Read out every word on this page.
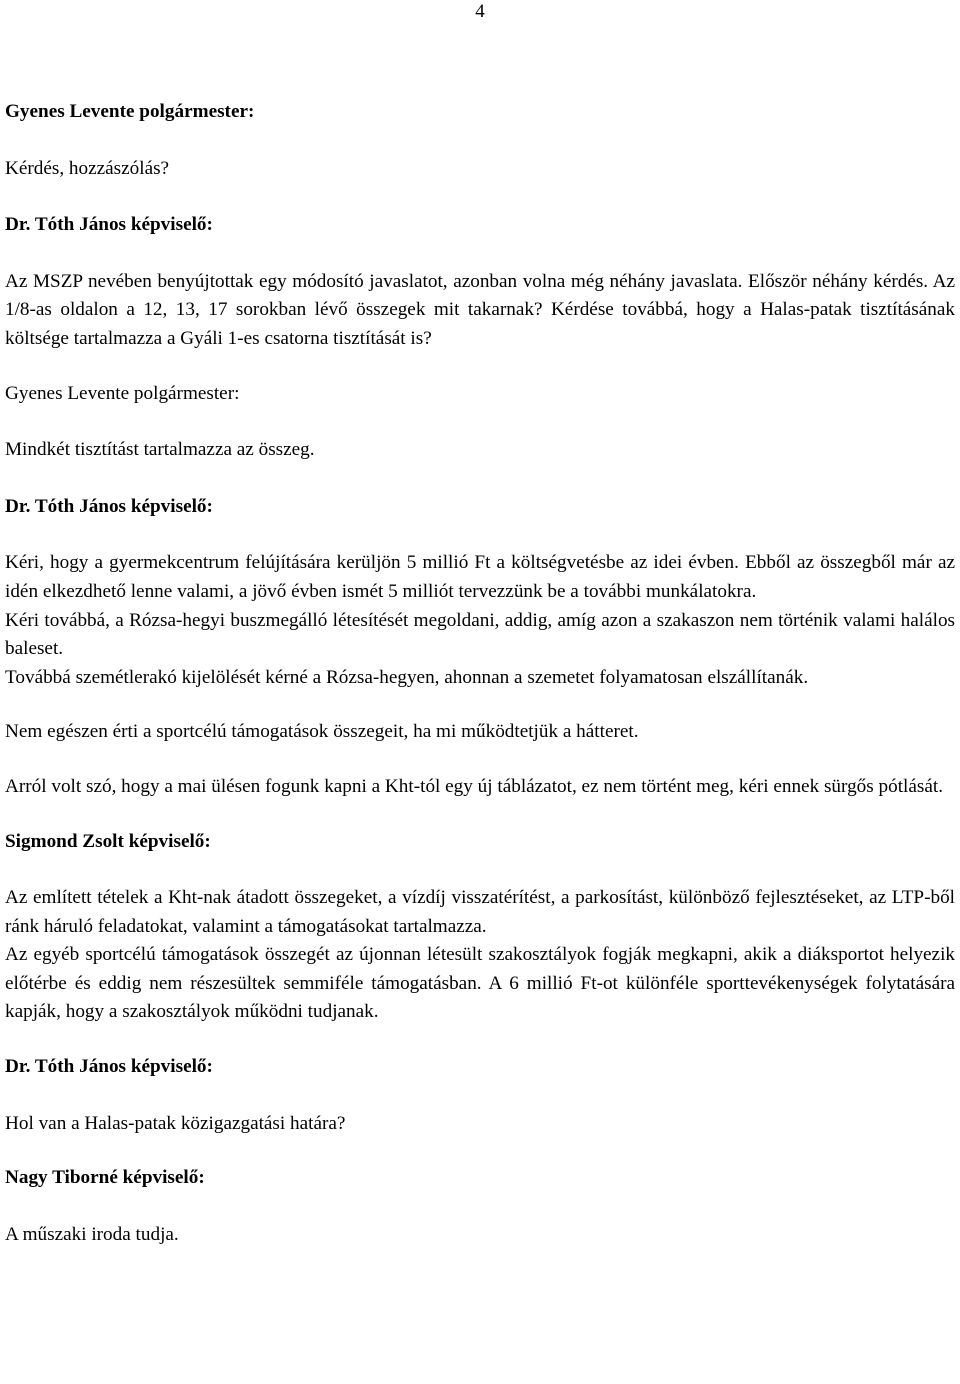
4

Gyenes Levente polgármester:

Kérdés, hozzászólás?

Dr. Tóth János képviselő:

Az MSZP nevében benyújtottak egy módosító javaslatot, azonban volna még néhány javaslata. Először néhány kérdés. Az 1/8-as oldalon a 12, 13, 17 sorokban lévő összegek mit takarnak? Kérdése továbbá, hogy a Halas-patak tisztításának költsége tartalmazza a Gyáli 1-es csatorna tisztítását is?

Gyenes Levente polgármester:

Mindkét tisztítást tartalmazza az összeg.

Dr. Tóth János képviselő:

Kéri, hogy a gyermekcentrum felújítására kerüljön 5 millió Ft a költségvetésbe az idei évben. Ebből az összegből már az idén elkezdhető lenne valami, a jövő évben ismét 5 milliót tervezzünk be a további munkálatokra.

Kéri továbbá, a Rózsa-hegyi buszmegálló létesítését megoldani, addig, amíg azon a szakaszon nem történik valami halálos baleset.

Továbbá szemétlerakó kijelölését kérné a Rózsa-hegyen, ahonnan a szemetet folyamatosan elszállítanák.

Nem egészen érti a sportcélú támogatások összegeit, ha mi működtetjük a hátteret.

Arról volt szó, hogy a mai ülésen fogunk kapni a Kht-tól egy új táblázatot, ez nem történt meg, kéri ennek sürgős pótlását.

Sigmond Zsolt képviselő:

Az említett tételek a Kht-nak átadott összegeket, a vízdíj visszatérítést, a parkosítást, különböző fejlesztéseket, az LTP-ből ránk háruló feladatokat, valamint a támogatásokat tartalmazza.

Az egyéb sportcélú támogatások összegét az újonnan létesült szakosztályok fogják megkapni, akik a diáksportot helyezik előtérbe és eddig nem részesültek semmiféle támogatásban. A 6 millió Ft-ot különféle sporttevékenységek folytatására kapják, hogy a szakosztályok működni tudjanak.

Dr. Tóth János képviselő:

Hol van a Halas-patak közigazgatási határa?

Nagy Tiborné képviselő:

A műszaki iroda tudja.
